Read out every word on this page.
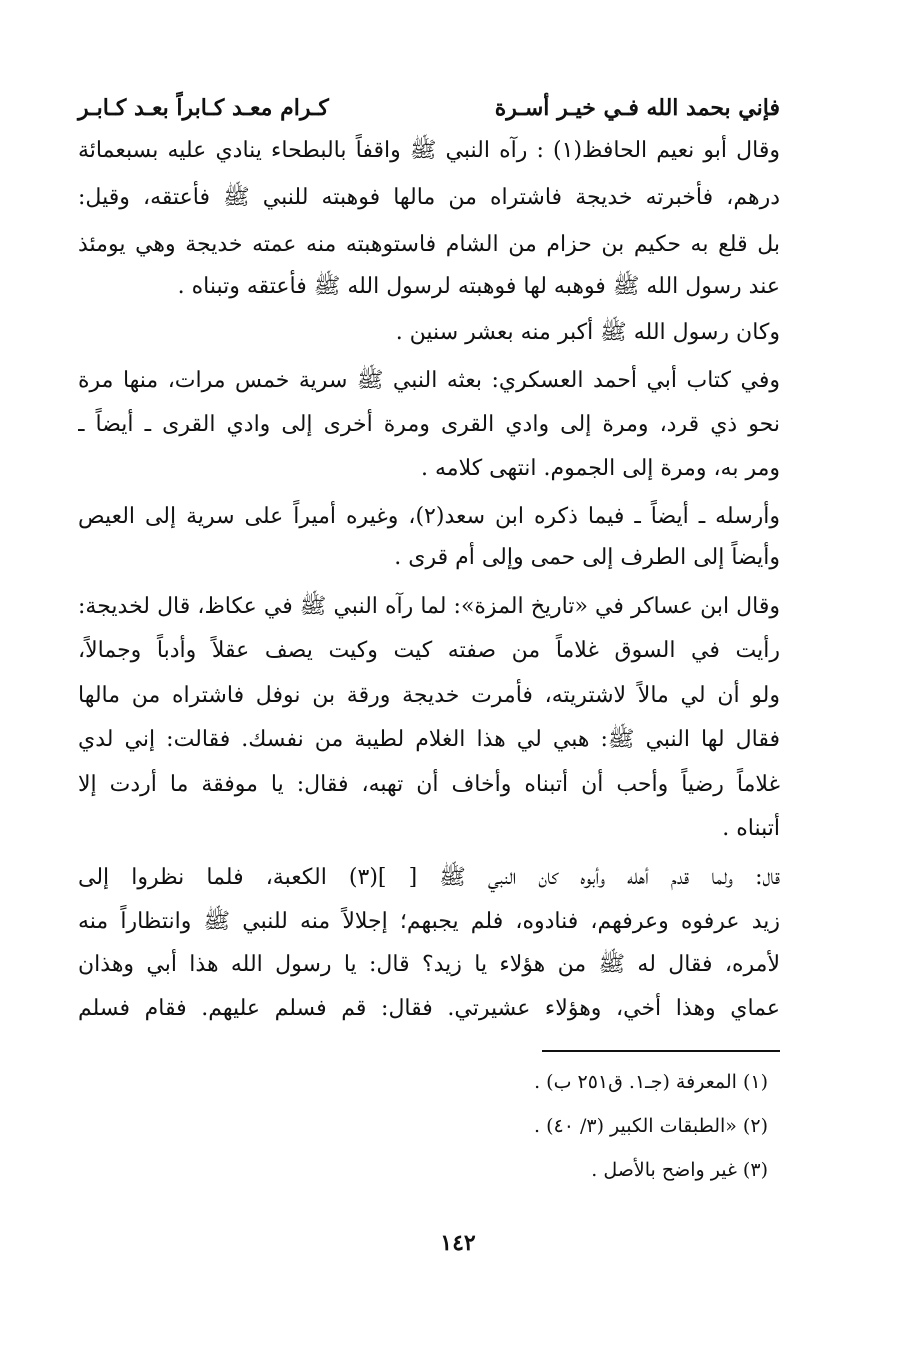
فإني بحمد الله فـي خيـر أسـرة
كـرام معـد كـابراً بعـد كـابـر
وقال أبو نعيم الحافظ(١) : رآه النبي ﷺ واقفاً بالبطحاء ينادي عليه بسبعمائة
درهم، فأخبرته خديجة فاشتراه من مالها فوهبته للنبي ﷺ فأعتقه، وقيل:
بل قلع به حكيم بن حزام من الشام فاستوهبته منه عمته خديجة وهي يومئذ
عند رسول الله ﷺ فوهبه لها فوهبته لرسول الله ﷺ فأعتقه وتبناه .
وكان رسول الله ﷺ أكبر منه بعشر سنين .
وفي كتاب أبي أحمد العسكري: بعثه النبي ﷺ سرية خمس مرات، منها مرة
نحو ذي قرد، ومرة إلى وادي القرى ومرة أخرى إلى وادي القرى ـ أيضاً ـ
ومر به، ومرة إلى الجموم. انتهى كلامه .
وأرسله ـ أيضاً ـ فيما ذكره ابن سعد(٢)، وغيره أميراً على سرية إلى العيص
وأيضاً إلى الطرف إلى حمى وإلى أم قرى .
وقال ابن عساكر في «تاريخ المزة»: لما رآه النبي ﷺ في عكاظ، قال لخديجة:
رأيت في السوق غلاماً من صفته كيت وكيت يصف عقلاً وأدباً وجمالاً،
ولو أن لي مالاً لاشتريته، فأمرت خديجة ورقة بن نوفل فاشتراه من مالها
فقال لها النبي ﷺ: هبي لي هذا الغلام لطيبة من نفسك. فقالت: إني لدي
غلاماً رضياً وأحب أن أتبناه وأخاف أن تهبه، فقال: يا موفقة ما أردت إلا
أتبناه .
قال: ولما قدم أهله وأبوه كان النبي ﷺ [ ](٣) الكعبة، فلما نظروا إلى
زيد عرفوه وعرفهم، فنادوه، فلم يجبهم؛ إجلالاً منه للنبي ﷺ وانتظاراً منه
لأمره، فقال له ﷺ من هؤلاء يا زيد؟ قال: يا رسول الله هذا أبي وهذان
عماي وهذا أخي، وهؤلاء عشيرتي. فقال: قم فسلم عليهم. فقام فسلم
(١) المعرفة (جـ١. ق٢٥١ ب) .
(٢) «الطبقات الكبير (٣/ ٤٠) .
(٣) غير واضح بالأصل .
١٤٢
